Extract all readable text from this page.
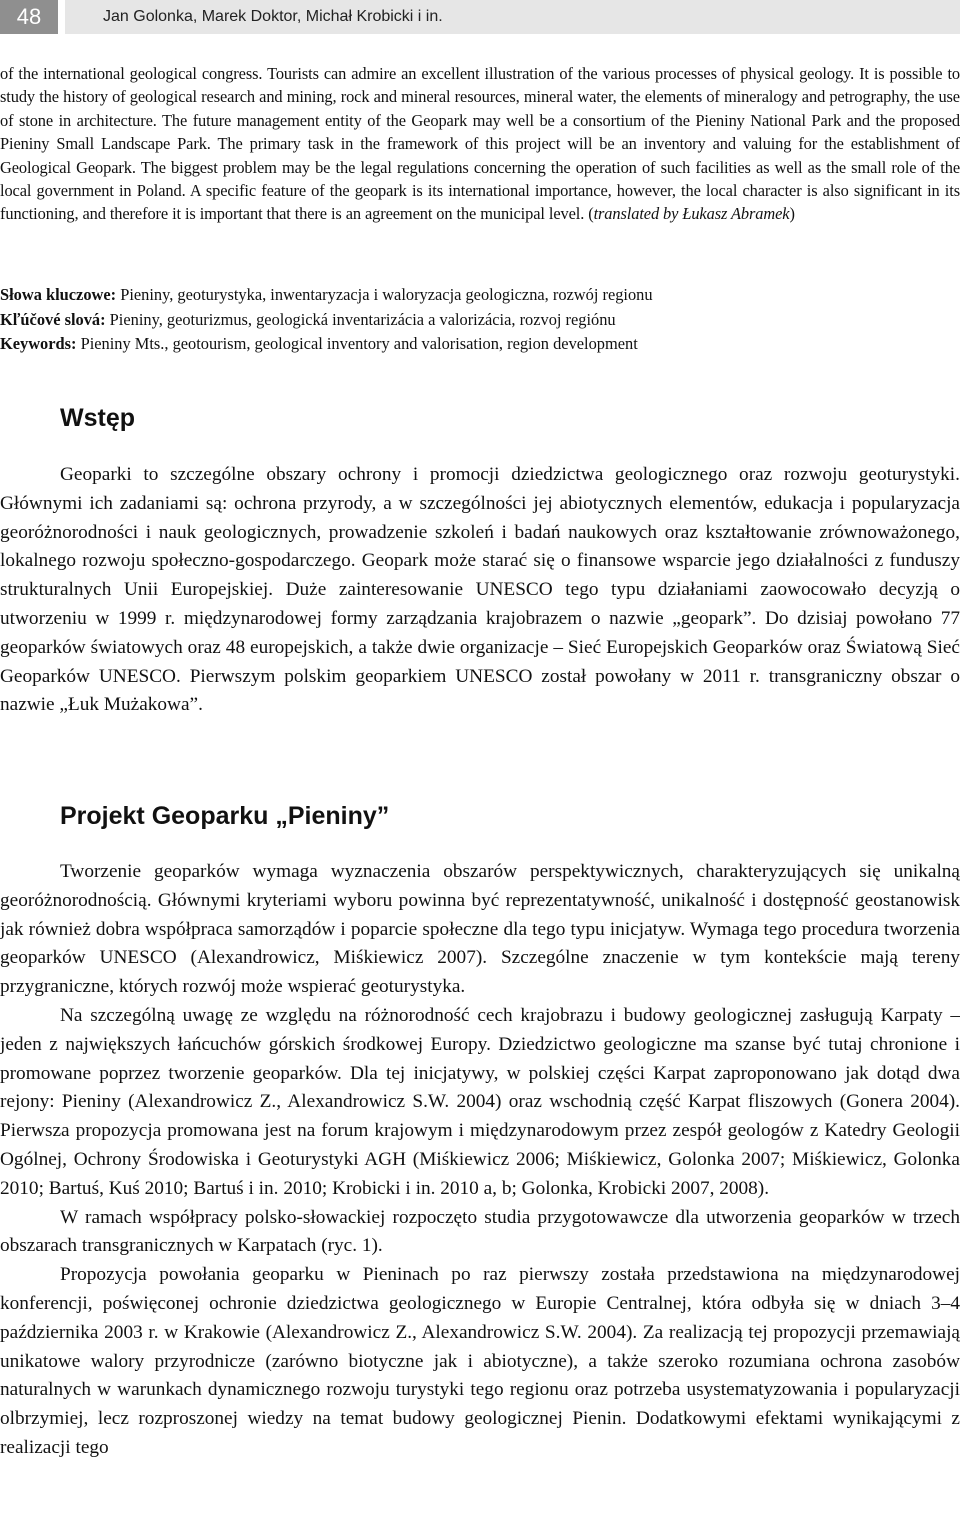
48	Jan Golonka, Marek Doktor, Michał Krobicki i in.

of the international geological congress. Tourists can admire an excellent illustration of the various processes of physical geology. It is possible to study the history of geological research and mining, rock and mineral resources, mineral water, the elements of mineralogy and petrography, the use of stone in architecture. The future management entity of the Geopark may well be a consortium of the Pieniny National Park and the proposed Pieniny Small Landscape Park. The primary task in the framework of this project will be an inventory and valuing for the establishment of Geological Geopark. The biggest problem may be the legal regulations concerning the operation of such facilities as well as the small role of the local government in Poland. A specific feature of the geopark is its international importance, however, the local character is also significant in its functioning, and therefore it is important that there is an agreement on the municipal level. (translated by Łukasz Abramek)

Słowa kluczowe: Pieniny, geoturystyka, inwentaryzacja i waloryzacja geologiczna, rozwój regionu

Kľúčové slová: Pieniny, geoturizmus, geologická inventarizácia a valorizácia, rozvoj regiónu

Keywords: Pieniny Mts., geotourism, geological inventory and valorisation, region development

Wstęp

Geoparki to szczególne obszary ochrony i promocji dziedzictwa geologicznego oraz rozwoju geoturystyki. Głównymi ich zadaniami są: ochrona przyrody, a w szczególności jej abiotycznych elementów, edukacja i popularyzacja georóżnorodności i nauk geologicznych, prowadzenie szkoleń i badań naukowych oraz kształtowanie zrównoważonego, lokalnego rozwoju społeczno-gospodarczego. Geopark może starać się o finansowe wsparcie jego działalności z funduszy strukturalnych Unii Europejskiej. Duże zainteresowanie UNESCO tego typu działaniami zaowocowało decyzją o utworzeniu w 1999 r. międzynarodowej formy zarządzania krajobrazem o nazwie „geopark”. Do dzisiaj powołano 77 geoparków światowych oraz 48 europejskich, a także dwie organizacje – Sieć Europejskich Geoparków oraz Światową Sieć Geoparków UNESCO. Pierwszym polskim geoparkiem UNESCO został powołany w 2011 r. transgraniczny obszar o nazwie „Łuk Mużakowa”.

Projekt Geoparku „Pieniny”

Tworzenie geoparków wymaga wyznaczenia obszarów perspektywicznych, charakteryzujących się unikalną georóżnorodnością. Głównymi kryteriami wyboru powinna być reprezentatywność, unikalność i dostępność geostanowisk jak również dobra współpraca samorządów i poparcie społeczne dla tego typu inicjatyw. Wymaga tego procedura tworzenia geoparków UNESCO (Alexandrowicz, Miśkiewicz 2007). Szczególne znaczenie w tym kontekście mają tereny przygraniczne, których rozwój może wspierać geoturystyka.

Na szczególną uwagę ze względu na różnorodność cech krajobrazu i budowy geologicznej zasługują Karpaty – jeden z największych łańcuchów górskich środkowej Europy. Dziedzictwo geologiczne ma szanse być tutaj chronione i promowane poprzez tworzenie geoparków. Dla tej inicjatywy, w polskiej części Karpat zaproponowano jak dotąd dwa rejony: Pieniny (Alexandrowicz Z., Alexandrowicz S.W. 2004) oraz wschodnią część Karpat fliszowych (Gonera 2004). Pierwsza propozycja promowana jest na forum krajowym i międzynarodowym przez zespół geologów z Katedry Geologii Ogólnej, Ochrony Środowiska i Geoturystyki AGH (Miśkiewicz 2006; Miśkiewicz, Golonka 2007; Miśkiewicz, Golonka 2010; Bartuś, Kuś 2010; Bartuś i in. 2010; Krobicki i in. 2010 a, b; Golonka, Krobicki 2007, 2008).

W ramach współpracy polsko-słowackiej rozpoczęto studia przygotowawcze dla utworzenia geoparków w trzech obszarach transgranicznych w Karpatach (ryc. 1).

Propozycja powołania geoparku w Pieninach po raz pierwszy została przedstawiona na międzynarodowej konferencji, poświęconej ochronie dziedzictwa geologicznego w Europie Centralnej, która odbyła się w dniach 3–4 października 2003 r. w Krakowie (Alexandrowicz Z., Alexandrowicz S.W. 2004). Za realizacją tej propozycji przemawiają unikatowe walory przyrodnicze (zarówno biotyczne jak i abiotyczne), a także szeroko rozumiana ochrona zasobów naturalnych w warunkach dynamicznego rozwoju turystyki tego regionu oraz potrzeba usystematyzowania i popularyzacji olbrzymiej, lecz rozproszonej wiedzy na temat budowy geologicznej Pienin. Dodatkowymi efektami wynikającymi z realizacji tego
